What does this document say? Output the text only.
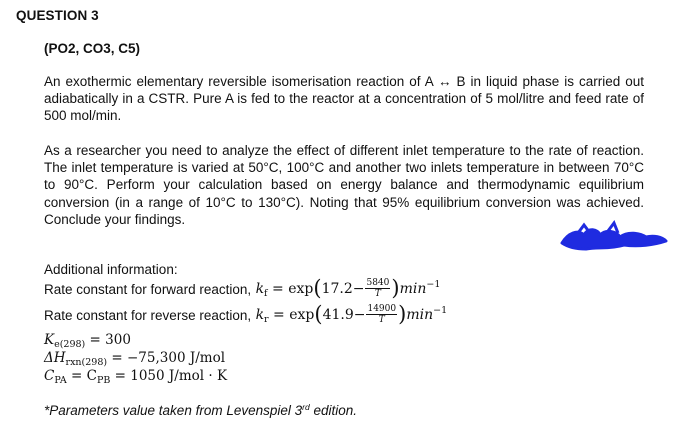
QUESTION 3
(PO2, CO3, C5)

An exothermic elementary reversible isomerisation reaction of A ↔ B in liquid phase is carried out adiabatically in a CSTR. Pure A is fed to the reactor at a concentration of 5 mol/litre and feed rate of 500 mol/min.

As a researcher you need to analyze the effect of different inlet temperature to the rate of reaction. The inlet temperature is varied at 50°C, 100°C and another two inlets temperature in between 70°C to 90°C. Perform your calculation based on energy balance and thermodynamic equilibrium conversion (in a range of 10°C to 130°C). Noting that 95% equilibrium conversion was achieved. Conclude your findings.

Additional information:
Rate constant for forward reaction, $k_f = \exp$ ( $17.2 - \frac{5840}{T}$ ) $\min^{-1}$
Rate constant for reverse reaction, $k_r = \exp$ ( $41.9 - \frac{14900}{T}$ ) $\min^{-1}$
$K_{e(298)} = 300$
$\Delta H_{rxn(298)} = -75,300$ J/mol
$C_{PA} = C_{PB} = 1050$ J/mol · K
*Parameters value taken from Levenspiel 3rd edition.
